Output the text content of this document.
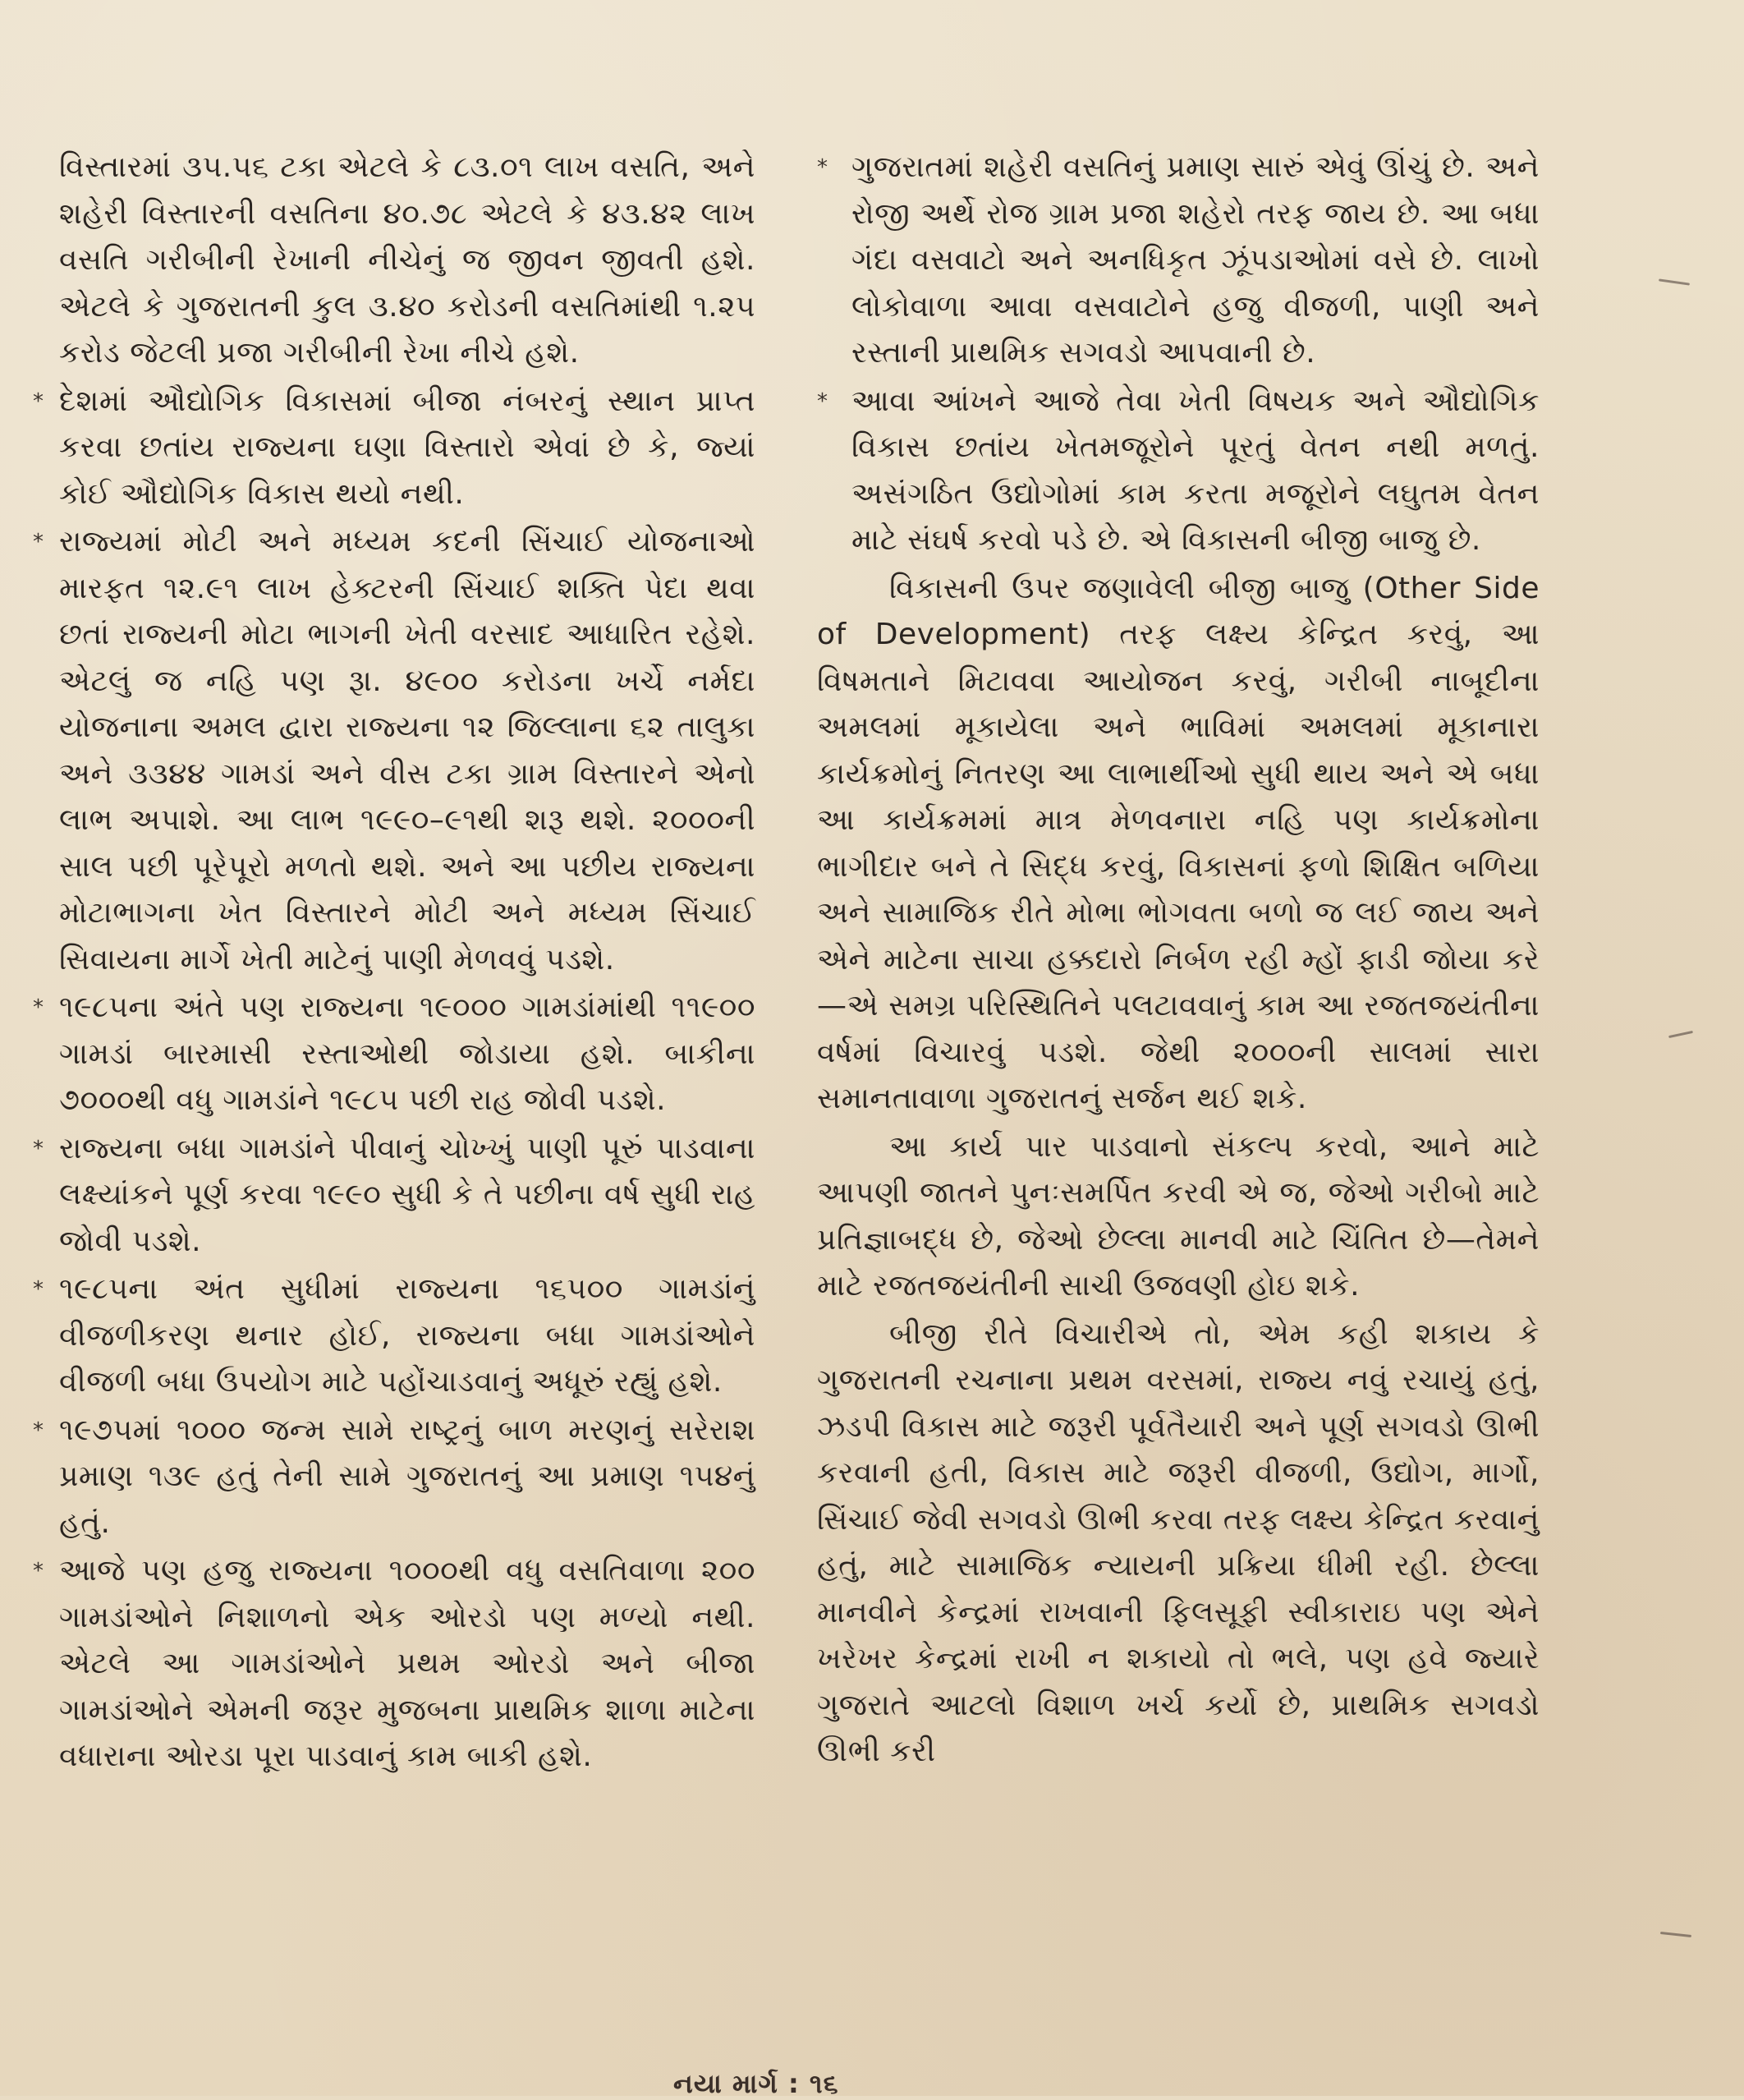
વિસ્તારમાં ૩૫.૫૬ ટકા એટલે કે ૮૩.૦૧ લાખ વસતિ, અને શહેરી વિસ્તારની વસતિના ૪૦.૭૮ એટલે કે ૪૩.૪૨ લાખ વસતિ ગરીબીની રેખાની નીચેનું જ જીવન જીવતી હશે. એટલે કે ગુજરાતની કુલ ૩.૪૦ કરોડની વસતિમાંથી ૧.૨૫ કરોડ જેટલી પ્રજા ગરીબીની રેખા નીચે હશે.

* દેશમાં ઔદ્યોગિક વિકાસમાં બીજા નંબરનું સ્થાન પ્રાપ્ત કરવા છતાંય રાજ્યના ઘણા વિસ્તારો એવાં છે કે, જ્યાં કોઈ ઔદ્યોગિક વિકાસ થયો નથી.
* રાજ્યમાં મોટી અને મધ્યમ કદની સિંચાઈ યોજનાઓ મારફત ૧૨.૯૧ લાખ હેક્ટરની સિંચાઈ શક્તિ પેદા થવા છતાં રાજ્યની મોટા ભાગની ખેતી વરસાદ આધારિત રહેશે. એટલું જ નહિ પણ રૂા. ૪૯૦૦ કરોડના ખર્ચે નર્મદા યોજનાના અમલ દ્વારા રાજ્યના ૧૨ જિલ્લાના ૬૨ તાલુકા અને ૩૩૪૪ ગામડાં અને વીસ ટકા ગ્રામ વિસ્તારને એનો લાભ અપાશે. આ લાભ ૧૯૯૦–૯૧થી શરૂ થશે. ૨૦૦૦ની સાલ પછી પૂરેપૂરો મળતો થશે. અને આ પછીય રાજ્યના મોટાભાગના ખેત વિસ્તારને મોટી અને મધ્યમ સિંચાઈ સિવાયના માર્ગે ખેતી માટેનું પાણી મેળવવું પડશે.
* ૧૯૮૫ના અંતે પણ રાજ્યના ૧૯૦૦૦ ગામડાંમાંથી ૧૧૯૦૦ ગામડાં બારમાસી રસ્તાઓથી જોડાયા હશે. બાકીના ૭૦૦૦થી વધુ ગામડાંને ૧૯૮૫ પછી રાહ જોવી પડશે.
* રાજ્યના બધા ગામડાંને પીવાનું ચોખ્ખું પાણી પૂરું પાડવાના લક્ષ્યાંકને પૂર્ણ કરવા ૧૯૯૦ સુધી કે તે પછીના વર્ષ સુધી રાહ જોવી પડશે.
* ૧૯૮૫ના અંત સુધીમાં રાજ્યના ૧૬૫૦૦ ગામડાંનું વીજળીકરણ થનાર હોઈ, રાજ્યના બધા ગામડાંઓને વીજળી બધા ઉપયોગ માટે પહોંચાડવાનું અધૂરું રહ્યું હશે.
* ૧૯૭૫માં ૧૦૦૦ જન્મ સામે રાષ્ટ્રનું બાળ મરણનું સરેરાશ પ્રમાણ ૧૩૯ હતું તેની સામે ગુજરાતનું આ પ્રમાણ ૧૫૪નું હતું.
* આજે પણ હજુ રાજ્યના ૧૦૦૦થી વધુ વસતિવાળા ૨૦૦ ગામડાંઓને નિશાળનો એક ઓરડો પણ મળ્યો નથી. એટલે આ ગામડાંઓને પ્રથમ ઓરડો અને બીજા ગામડાંઓને એમની જરૂર મુજબના પ્રાથમિક શાળા માટેના વધારાના ઓરડા પૂરા પાડવાનું કામ બાકી હશે.
* ગુજરાતમાં શહેરી વસતિનું પ્રમાણ સારું એવું ઊંચું છે. અને રોજી અર્થે રોજ ગ્રામ પ્રજા શહેરો તરફ જાય છે. આ બધા ગંદા વસવાટો અને અનધિકૃત ઝૂંપડાઓમાં વસે છે. લાખો લોકોવાળા આવા વસવાટોને હજુ વીજળી, પાણી અને રસ્તાની પ્રાથમિક સગવડો આપવાની છે.
* આવા આંખને આજે તેવા ખેતી વિષયક અને ઔદ્યોગિક વિકાસ છતાંય ખેતમજૂરોને પૂરતું વેતન નથી મળતું. અસંગઠિત ઉદ્યોગોમાં કામ કરતા મજૂરોને લઘુતમ વેતન માટે સંઘર્ષ કરવો પડે છે. એ વિકાસની બીજી બાજુ છે.

વિકાસની ઉપર જણાવેલી બીજી બાજુ (Other Side of Development) તરફ લક્ષ્ય કેન્દ્રિત કરવું, આ વિષમતાને મિટાવવા આયોજન કરવું, ગરીબી નાબૂદીના અમલમાં મૂકાયેલા અને ભાવિમાં અમલમાં મૂકાનારા કાર્યક્રમોનું નિતરણ આ લાભાર્થીઓ સુધી થાય અને એ બધા આ કાર્યક્રમમાં માત્ર મેળવનારા નહિ પણ કાર્યક્રમોના ભાગીદાર બને તે સિદ્ધ કરવું, વિકાસનાં ફળો શિક્ષિત બળિયા અને સામાજિક રીતે મોભા ભોગવતા બળો જ લઈ જાય અને એને માટેના સાચા હક્કદારો નિર્બળ રહી મ્હોં ફાડી જોયા કરે—એ સમગ્ર પરિસ્થિતિને પલટાવવાનું કામ આ રજતજયંતીના વર્ષમાં વિચારવું પડશે. જેથી ૨૦૦૦ની સાલમાં સારા સમાનતાવાળા ગુજરાતનું સર્જન થઈ શકે.

આ કાર્ય પાર પાડવાનો સંકલ્પ કરવો, આને માટે આપણી જાતને પુનઃસમર્પિત કરવી એ જ, જેઓ ગરીબો માટે પ્રતિજ્ઞાબદ્ધ છે, જેઓ છેલ્લા માનવી માટે ચિંતિત છે—તેમને માટે રજતજયંતીની સાચી ઉજવણી હોઇ શકે.

બીજી રીતે વિચારીએ તો, એમ કહી શકાય કે ગુજરાતની રચનાના પ્રથમ વરસમાં, રાજ્ય નવું રચાયું હતું, ઝડપી વિકાસ માટે જરૂરી પૂર્વતૈયારી અને પૂર્ણ સગવડો ઊભી કરવાની હતી, વિકાસ માટે જરૂરી વીજળી, ઉદ્યોગ, માર્ગો, સિંચાઈ જેવી સગવડો ઊભી કરવા તરફ લક્ષ્ય કેન્દ્રિત કરવાનું હતું, માટે સામાજિક ન્યાયની પ્રક્રિયા ધીમી રહી. છેલ્લા માનવીને કેન્દ્રમાં રાખવાની ફિલસૂફી સ્વીકારાઇ પણ એને ખરેખર કેન્દ્રમાં રાખી ન શકાયો તો ભલે, પણ હવે જ્યારે ગુજરાતે આટલો વિશાળ ખર્ચ કર્યો છે, પ્રાથમિક સગવડો ઊભી કરી

નયા માર્ગ : ૧૬
